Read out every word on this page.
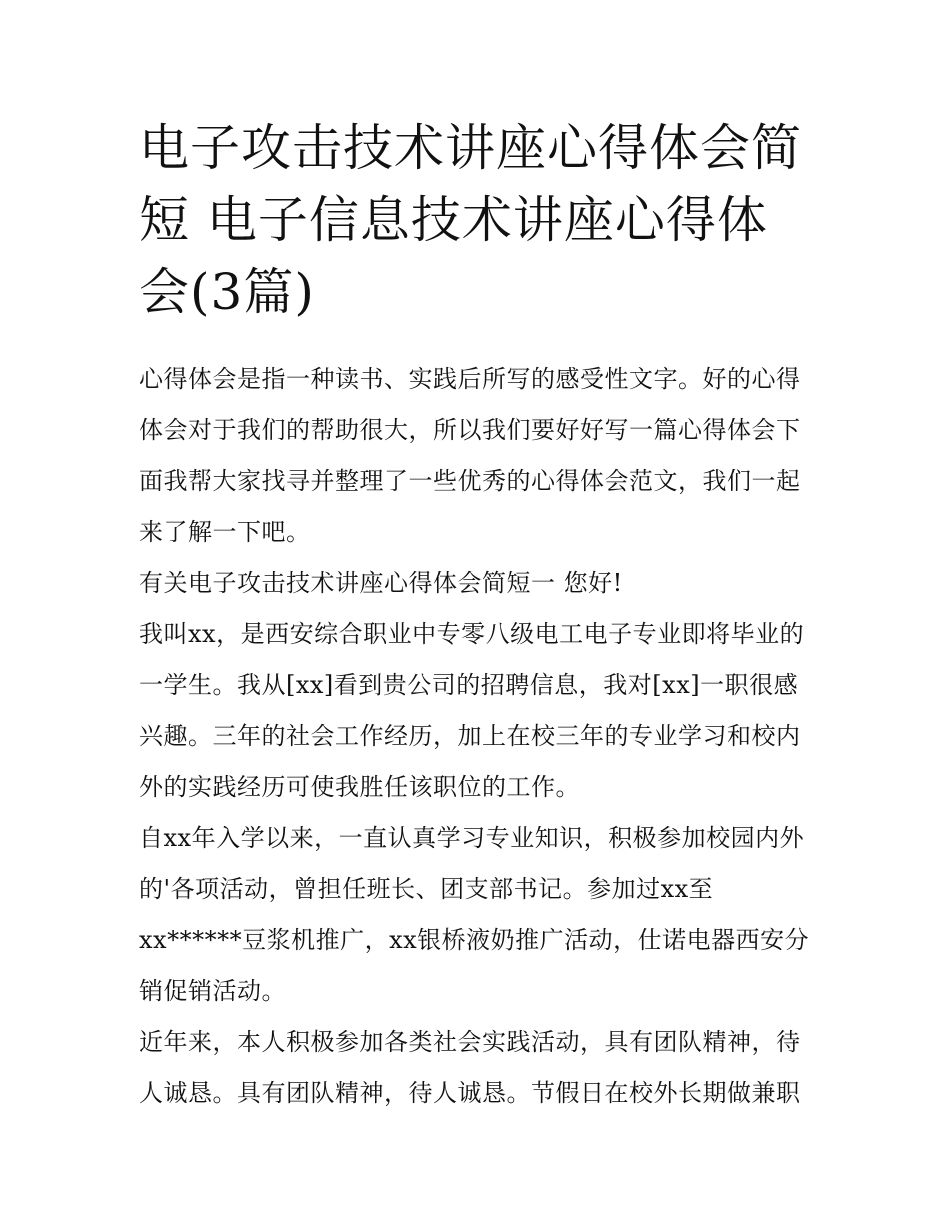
电子攻击技术讲座心得体会简短 电子信息技术讲座心得体会(3篇)

心得体会是指一种读书、实践后所写的感受性文字。好的心得体会对于我们的帮助很大，所以我们要好好写一篇心得体会下面我帮大家找寻并整理了一些优秀的心得体会范文，我们一起来了解一下吧。

有关电子攻击技术讲座心得体会简短一 您好!

我叫xx，是西安综合职业中专零八级电工电子专业即将毕业的一学生。我从[xx]看到贵公司的招聘信息，我对[xx]一职很感兴趣。三年的社会工作经历，加上在校三年的专业学习和校内外的实践经历可使我胜任该职位的工作。

自xx年入学以来，一直认真学习专业知识，积极参加校园内外的'各项活动，曾担任班长、团支部书记。参加过xx至xx******豆浆机推广，xx银桥液奶推广活动，仕诺电器西安分销促销活动。

近年来，本人积极参加各类社会实践活动，具有团队精神，待人诚恳。具有团队精神，待人诚恳。节假日在校外长期做兼职
